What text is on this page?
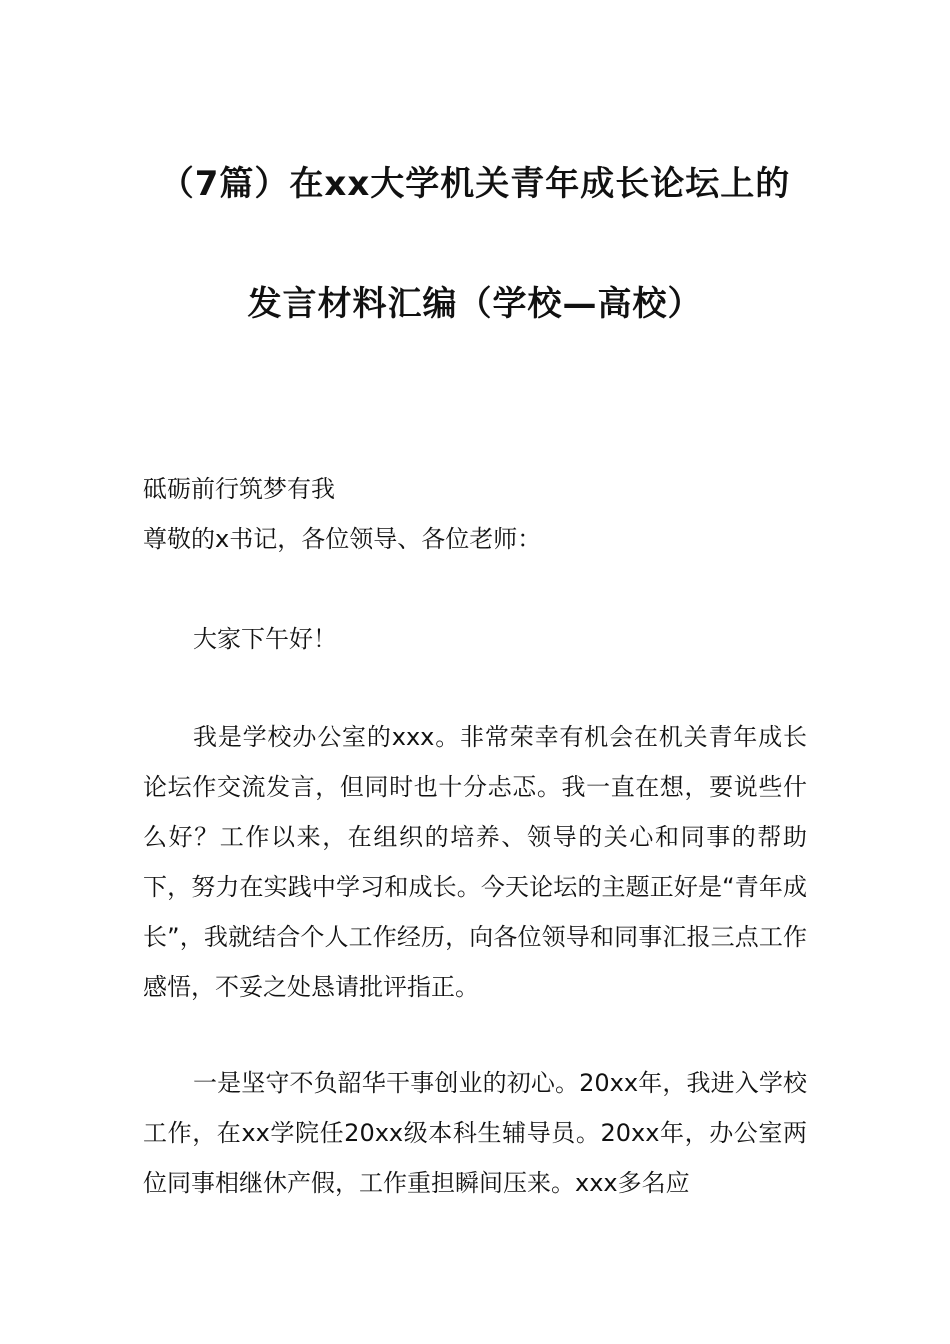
（7篇）在xx大学机关青年成长论坛上的
发言材料汇编（学校—高校）
砥砺前行筑梦有我
尊敬的x书记，各位领导、各位老师：
大家下午好！
我是学校办公室的xxx。非常荣幸有机会在机关青年成长论坛作交流发言，但同时也十分忐忑。我一直在想，要说些什么好？工作以来，在组织的培养、领导的关心和同事的帮助下，努力在实践中学习和成长。今天论坛的主题正好是“青年成长”，我就结合个人工作经历，向各位领导和同事汇报三点工作感悟，不妥之处恳请批评指正。
一是坚守不负韶华干事创业的初心。20xx年，我进入学校工作，在xx学院任20xx级本科生辅导员。20xx年，办公室两位同事相继休产假，工作重担瞬间压来。xxx多名应
